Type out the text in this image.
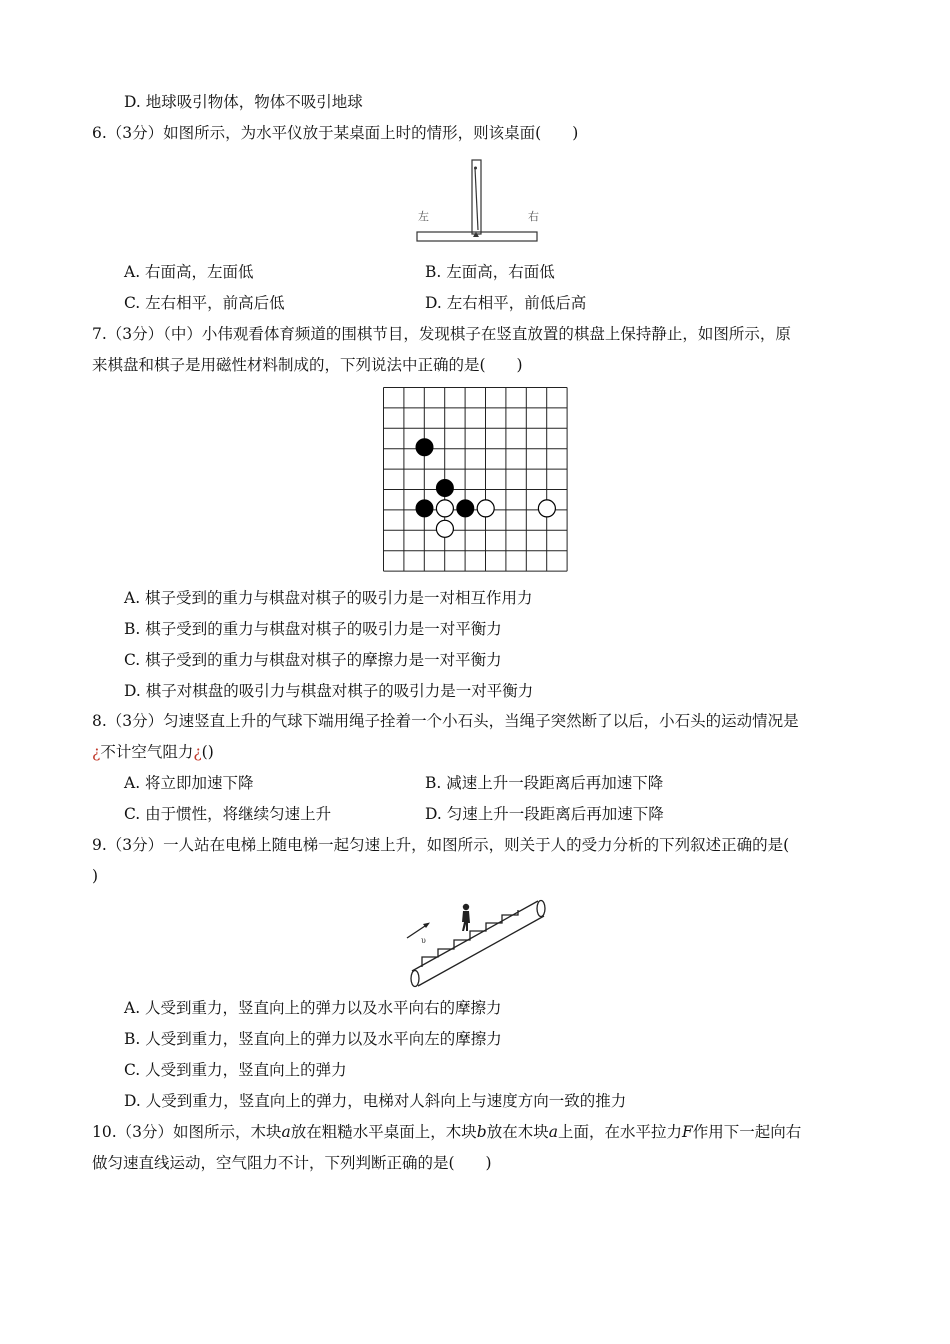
D. 地球吸引物体，物体不吸引地球
6.（3分）如图所示，为水平仪放于某桌面上时的情形，则该桌面(　　)
左	右
A. 右面高，左面低	B. 左面高，右面低
C. 左右相平，前高后低	D. 左右相平，前低后高
7.（3分）（中）小伟观看体育频道的围棋节目，发现棋子在竖直放置的棋盘上保持静止，如图所示，原
来棋盘和棋子是用磁性材料制成的，下列说法中正确的是(　　)
A. 棋子受到的重力与棋盘对棋子的吸引力是一对相互作用力
B. 棋子受到的重力与棋盘对棋子的吸引力是一对平衡力
C. 棋子受到的重力与棋盘对棋子的摩擦力是一对平衡力
D. 棋子对棋盘的吸引力与棋盘对棋子的吸引力是一对平衡力
8.（3分）匀速竖直上升的气球下端用绳子拴着一个小石头，当绳子突然断了以后，小石头的运动情况是
¿不计空气阻力¿()
A. 将立即加速下降	B. 减速上升一段距离后再加速下降
C. 由于惯性，将继续匀速上升	D. 匀速上升一段距离后再加速下降
9.（3分）一人站在电梯上随电梯一起匀速上升，如图所示，则关于人的受力分析的下列叙述正确的是(
)
υ
A. 人受到重力，竖直向上的弹力以及水平向右的摩擦力
B. 人受到重力，竖直向上的弹力以及水平向左的摩擦力
C. 人受到重力，竖直向上的弹力
D. 人受到重力，竖直向上的弹力，电梯对人斜向上与速度方向一致的推力
10.（3分）如图所示，木块a放在粗糙水平桌面上，木块b放在木块a上面，在水平拉力F作用下一起向右
做匀速直线运动，空气阻力不计，下列判断正确的是(　　)
